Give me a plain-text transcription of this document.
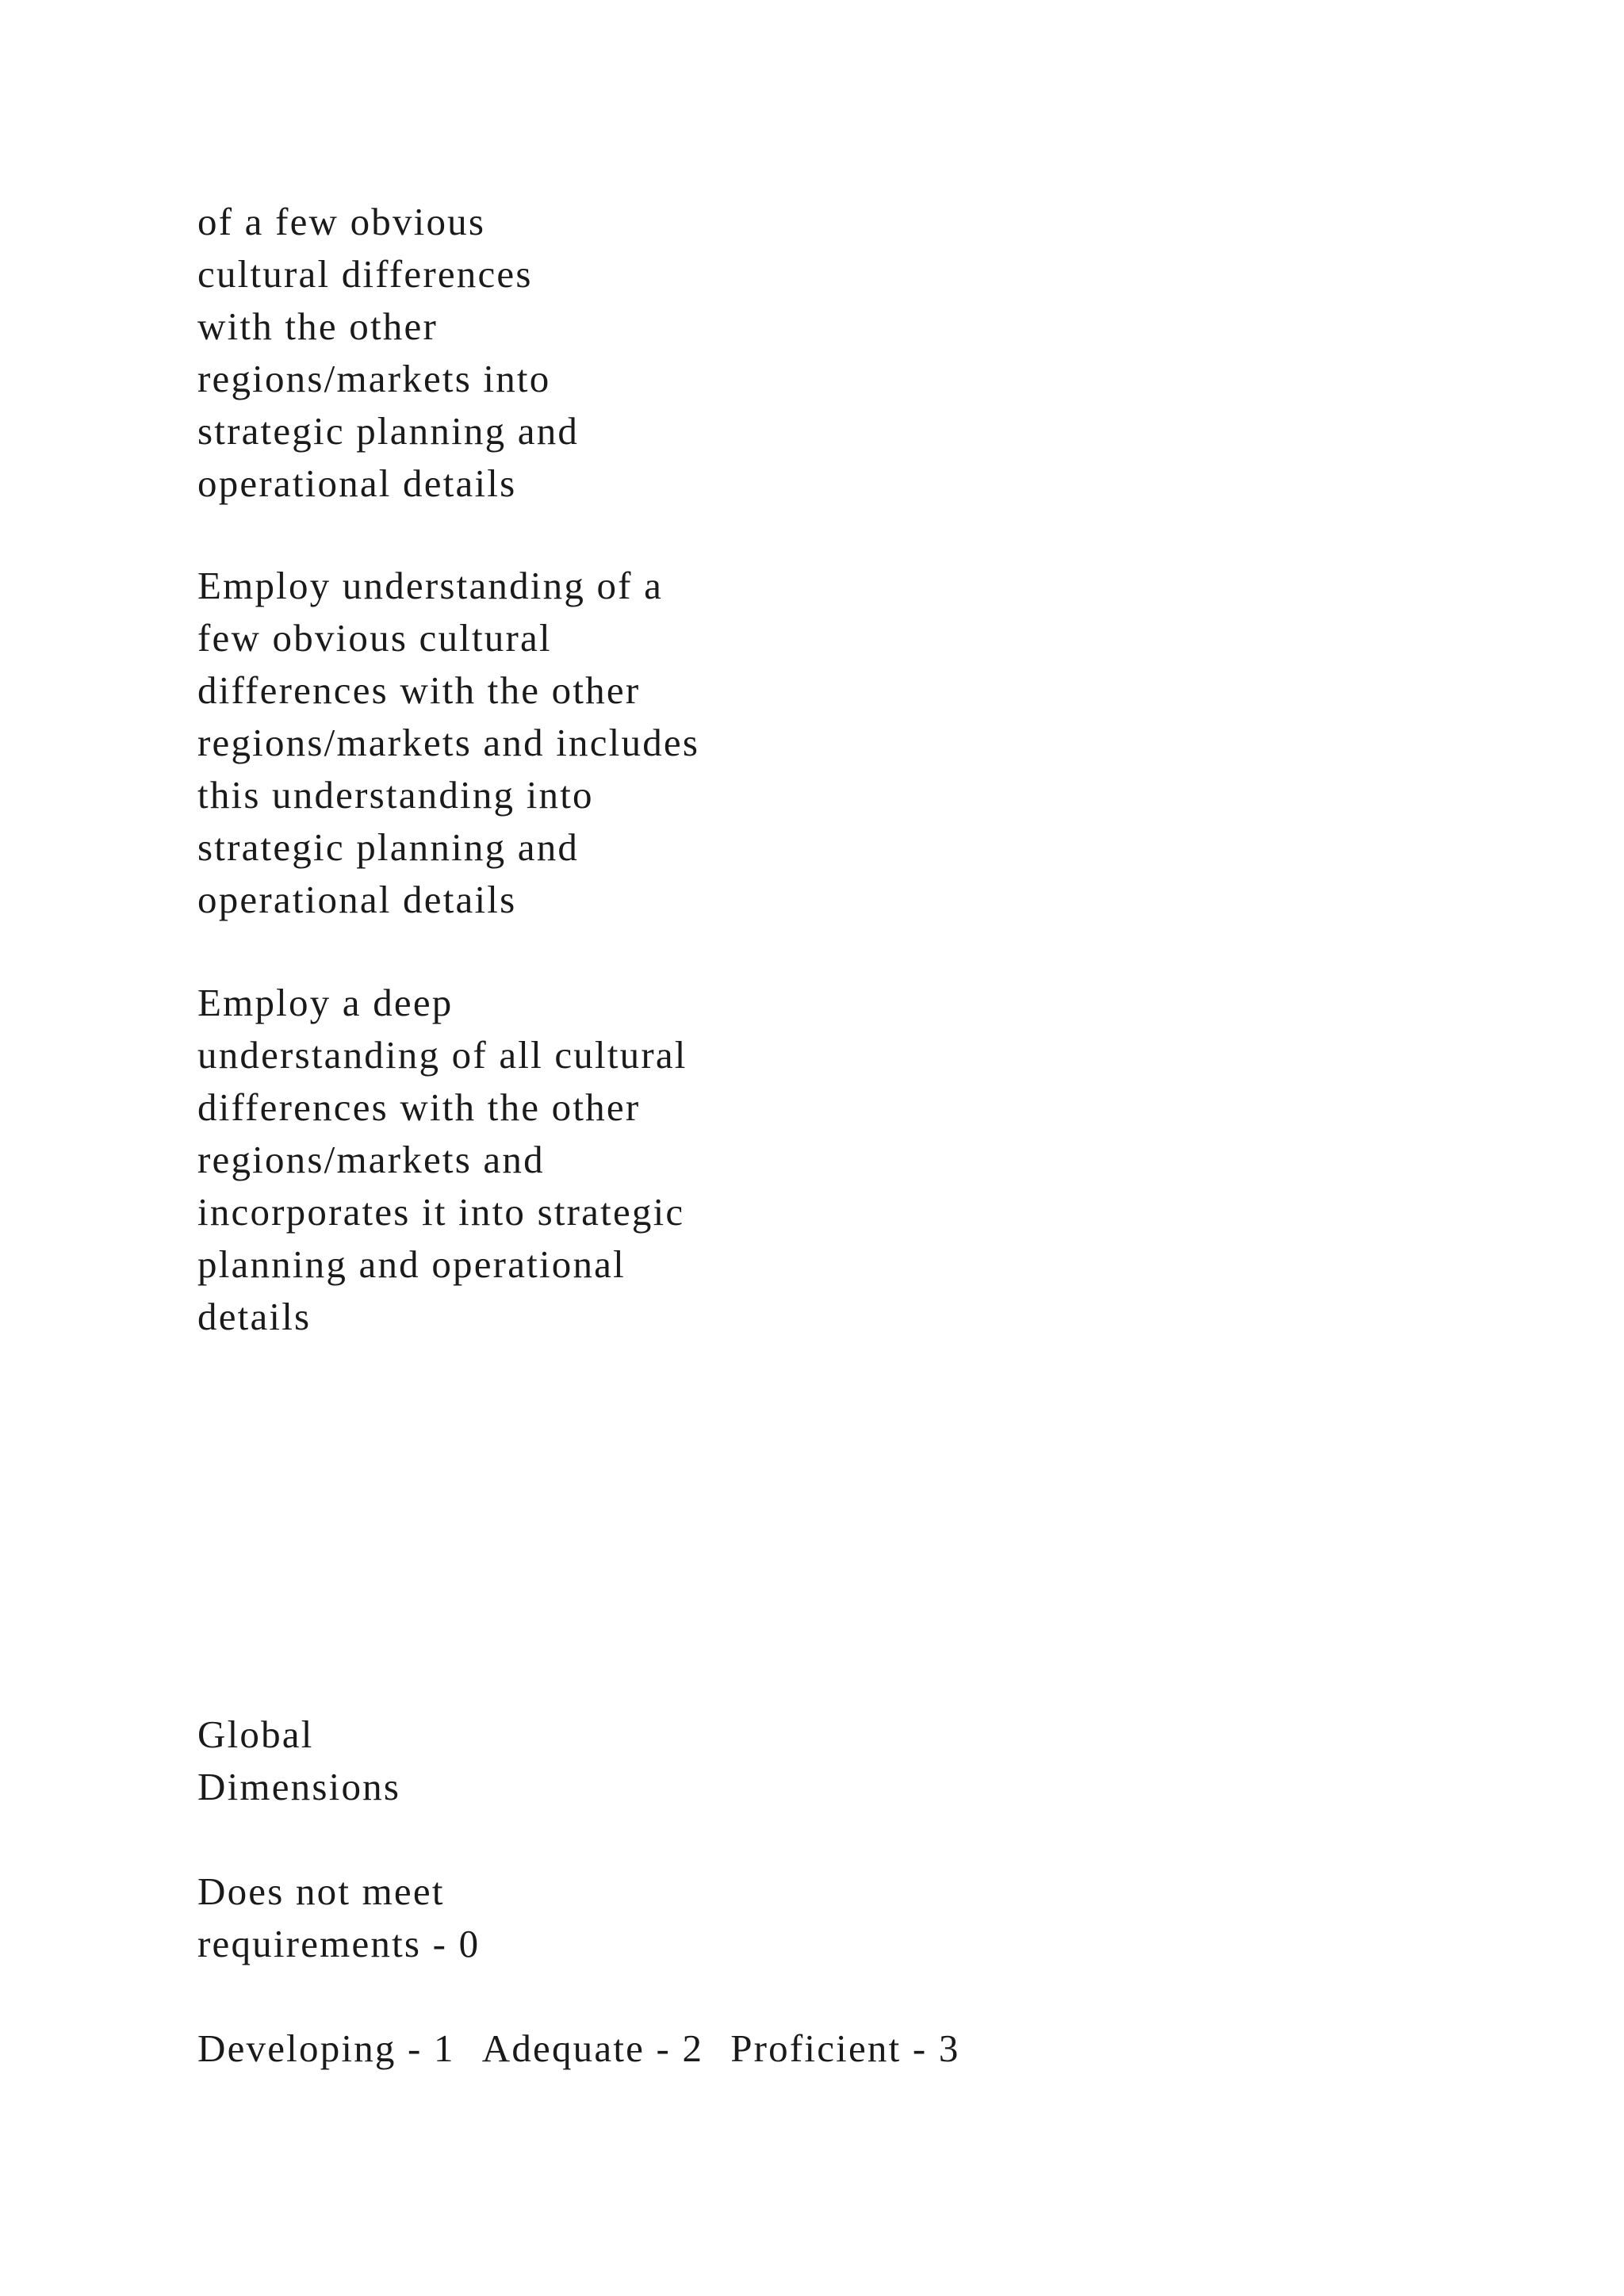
of a few obvious
cultural differences
with the other
regions/markets into
strategic planning and
operational details
Employ understanding of a
few obvious cultural
differences with the other
regions/markets and includes
this understanding into
strategic planning and
operational details
Employ a deep
understanding of all cultural
differences with the other
regions/markets and
incorporates it into strategic
planning and operational
details
Global
Dimensions
Does not meet
requirements - 0
Developing - 1 Adequate - 2 Proficient - 3
